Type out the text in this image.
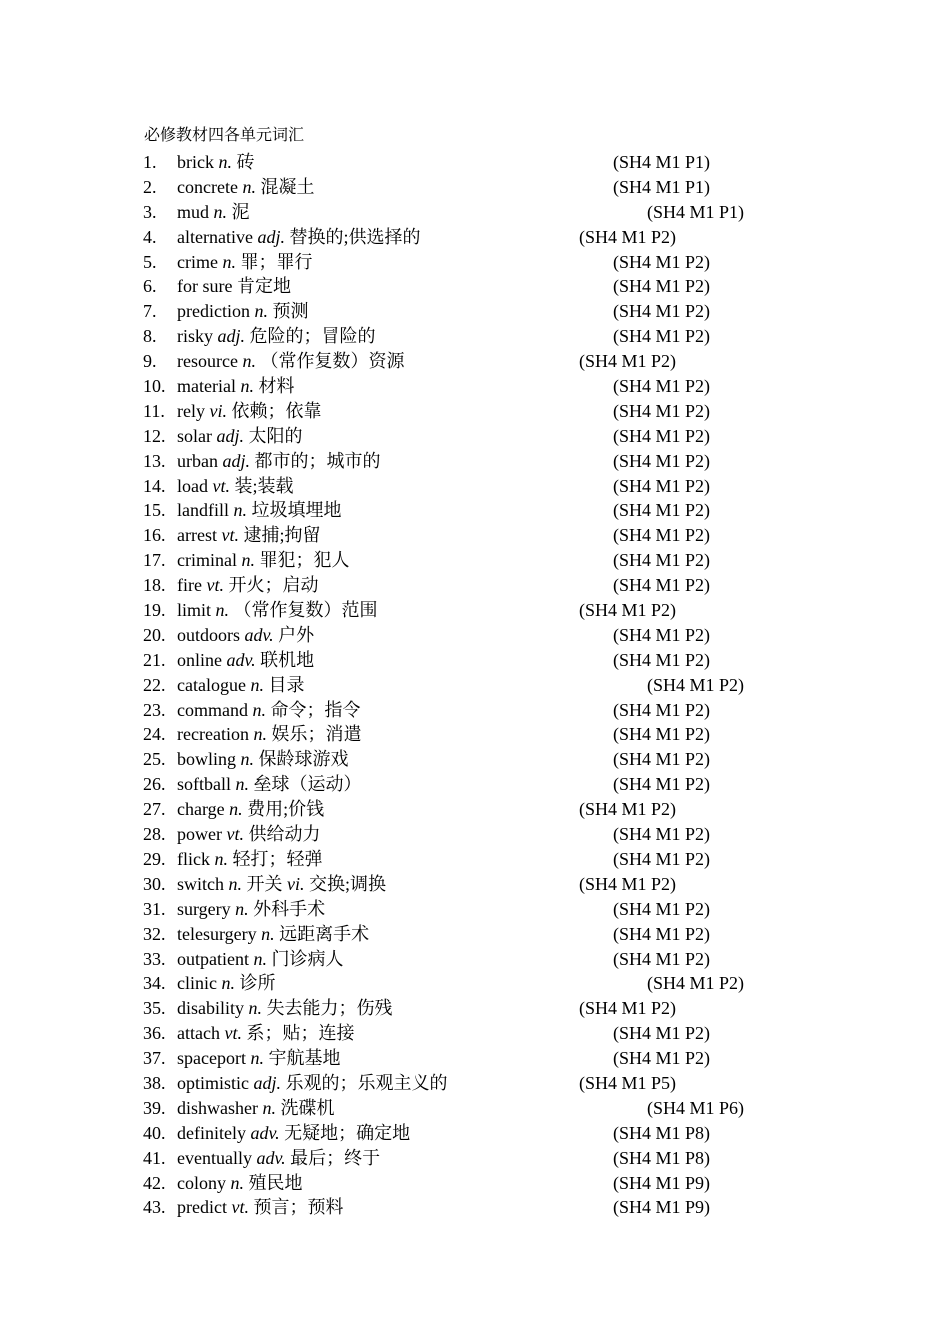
必修教材四各单元词汇
1. brick n. 砖	(SH4 M1 P1)
2. concrete n. 混凝土	(SH4 M1 P1)
3. mud n. 泥	(SH4 M1 P1)
4. alternative adj. 替换的;供选择的	(SH4 M1 P2)
5. crime n. 罪；罪行	(SH4 M1 P2)
6. for sure 肯定地	(SH4 M1 P2)
7. prediction n. 预测	(SH4 M1 P2)
8. risky adj. 危险的；冒险的	(SH4 M1 P2)
9. resource n. （常作复数）资源	(SH4 M1 P2)
10. material n. 材料	(SH4 M1 P2)
11. rely vi. 依赖；依靠	(SH4 M1 P2)
12. solar adj. 太阳的	(SH4 M1 P2)
13. urban adj. 都市的；城市的	(SH4 M1 P2)
14. load vt. 装;装载	(SH4 M1 P2)
15. landfill n. 垃圾填埋地	(SH4 M1 P2)
16. arrest vt. 逮捕;拘留	(SH4 M1 P2)
17. criminal n. 罪犯；犯人	(SH4 M1 P2)
18. fire vt. 开火；启动	(SH4 M1 P2)
19. limit n. （常作复数）范围	(SH4 M1 P2)
20. outdoors adv. 户外	(SH4 M1 P2)
21. online adv. 联机地	(SH4 M1 P2)
22. catalogue n. 目录	(SH4 M1 P2)
23. command n. 命令；指令	(SH4 M1 P2)
24. recreation n. 娱乐；消遣	(SH4 M1 P2)
25. bowling n. 保龄球游戏	(SH4 M1 P2)
26. softball n. 垒球（运动）	(SH4 M1 P2)
27. charge n. 费用;价钱	(SH4 M1 P2)
28. power vt. 供给动力	(SH4 M1 P2)
29. flick n. 轻打；轻弹	(SH4 M1 P2)
30. switch n. 开关 vi. 交换;调换	(SH4 M1 P2)
31. surgery n. 外科手术	(SH4 M1 P2)
32. telesurgery n. 远距离手术	(SH4 M1 P2)
33. outpatient n. 门诊病人	(SH4 M1 P2)
34. clinic n. 诊所	(SH4 M1 P2)
35. disability n. 失去能力；伤残	(SH4 M1 P2)
36. attach vt. 系；贴；连接	(SH4 M1 P2)
37. spaceport n. 宇航基地	(SH4 M1 P2)
38. optimistic adj. 乐观的；乐观主义的	(SH4 M1 P5)
39. dishwasher n. 洗碟机	(SH4 M1 P6)
40. definitely adv. 无疑地；确定地	(SH4 M1 P8)
41. eventually adv. 最后；终于	(SH4 M1 P8)
42. colony n. 殖民地	(SH4 M1 P9)
43. predict vt. 预言；预料	(SH4 M1 P9)
